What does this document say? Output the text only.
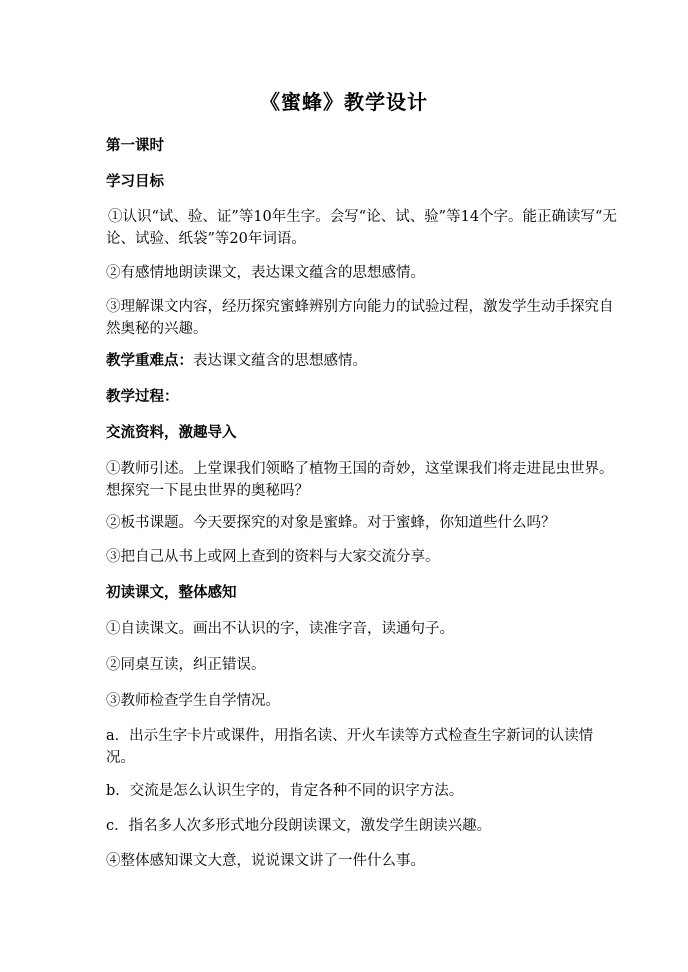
《蜜蜂》教学设计
第一课时
学习目标
①认识“试、验、证”等10年生字。会写“论、试、验”等14个字。能正确读写“无论、试验、纸袋”等20年词语。
②有感情地朗读课文，表达课文蕴含的思想感情。
③理解课文内容，经历探究蜜蜂辨别方向能力的试验过程，激发学生动手探究自然奥秘的兴趣。
教学重难点：表达课文蕴含的思想感情。
教学过程：
交流资料，激趣导入
①教师引述。上堂课我们领略了植物王国的奇妙，这堂课我们将走进昆虫世界。想探究一下昆虫世界的奥秘吗？
②板书课题。今天要探究的对象是蜜蜂。对于蜜蜂，你知道些什么吗？
③把自己从书上或网上查到的资料与大家交流分享。
初读课文，整体感知
①自读课文。画出不认识的字，读准字音，读通句子。
②同桌互读，纠正错误。
③教师检查学生自学情况。
a．出示生字卡片或课件，用指名读、开火车读等方式检查生字新词的认读情况。
b．交流是怎么认识生字的，肯定各种不同的识字方法。
c．指名多人次多形式地分段朗读课文，激发学生朗读兴趣。
④整体感知课文大意，说说课文讲了一件什么事。
